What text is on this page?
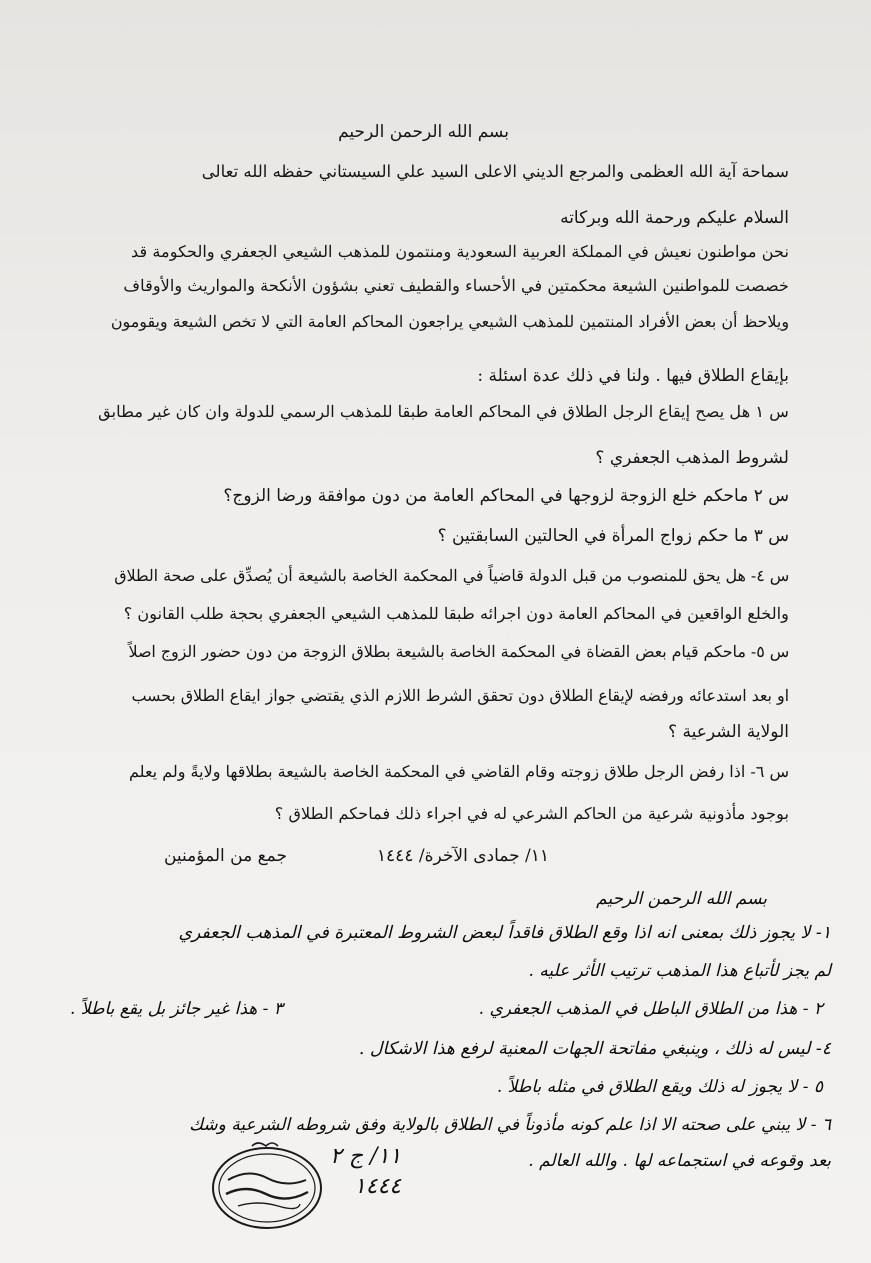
بسم الله الرحمن الرحيم
سماحة آية الله العظمى والمرجع الديني الاعلى السيد علي السيستاني حفظه الله تعالى
السلام عليكم ورحمة الله وبركاته
نحن مواطنون نعيش في المملكة العربية السعودية ومنتمون للمذهب الشيعي الجعفري والحكومة قد
خصصت للمواطنين الشيعة محكمتين في الأحساء والقطيف تعني بشؤون الأنكحة والمواريث والأوقاف
ويلاحظ أن بعض الأفراد المنتمين للمذهب الشيعي يراجعون المحاكم العامة التي لا تخص الشيعة ويقومون
بإيقاع الطلاق فيها . ولنا في ذلك عدة اسئلة :
س ١ هل يصح إيقاع الرجل الطلاق في المحاكم العامة طبقا للمذهب الرسمي للدولة وان كان غير مطابق
لشروط المذهب الجعفري ؟
س ٢ ماحكم خلع الزوجة لزوجها في المحاكم العامة من دون موافقة ورضا الزوج؟
س ٣ ما حكم زواج المرأة في الحالتين السابقتين ؟
س ٤- هل يحق للمنصوب من قبل الدولة قاضياً في المحكمة الخاصة بالشيعة أن يُصدِّق على صحة الطلاق
والخلع الواقعين في المحاكم العامة دون اجرائه طبقا للمذهب الشيعي الجعفري بحجة طلب القانون ؟
س ٥- ماحكم قيام بعض القضاة في المحكمة الخاصة بالشيعة بطلاق الزوجة من دون حضور الزوج اصلاً
او بعد استدعائه ورفضه لإيقاع الطلاق دون تحقق الشرط اللازم الذي يقتضي جواز ايقاع الطلاق بحسب
الولاية الشرعية ؟
س ٦- اذا رفض الرجل طلاق زوجته وقام القاضي في المحكمة الخاصة بالشيعة بطلاقها ولايةً ولم يعلم
بوجود مأذونية شرعية من الحاكم الشرعي له في اجراء ذلك فماحكم الطلاق ؟
١١/ جمادى الآخرة/ ١٤٤٤
جمع من المؤمنين
بسم الله الرحمن الرحيم
١- لا يجوز ذلك بمعنى انه اذا وقع الطلاق فاقداً لبعض الشروط المعتبرة في المذهب الجعفري
لم يجز لأتباع هذا المذهب ترتيب الأثر عليه .
٢ - هذا من الطلاق الباطل في المذهب الجعفري .
٣ - هذا غير جائز بل يقع باطلاً .
٤- ليس له ذلك ، وينبغي مفاتحة الجهات المعنية لرفع هذا الاشكال .
٥ - لا يجوز له ذلك ويقع الطلاق في مثله باطلاً .
٦ - لا يبني على صحته الا اذا علم كونه مأذوناً في الطلاق بالولاية وفق شروطه الشرعية وشك
بعد وقوعه في استجماعه لها . والله العالم .
١١/ ج ٢
١٤٤٤
